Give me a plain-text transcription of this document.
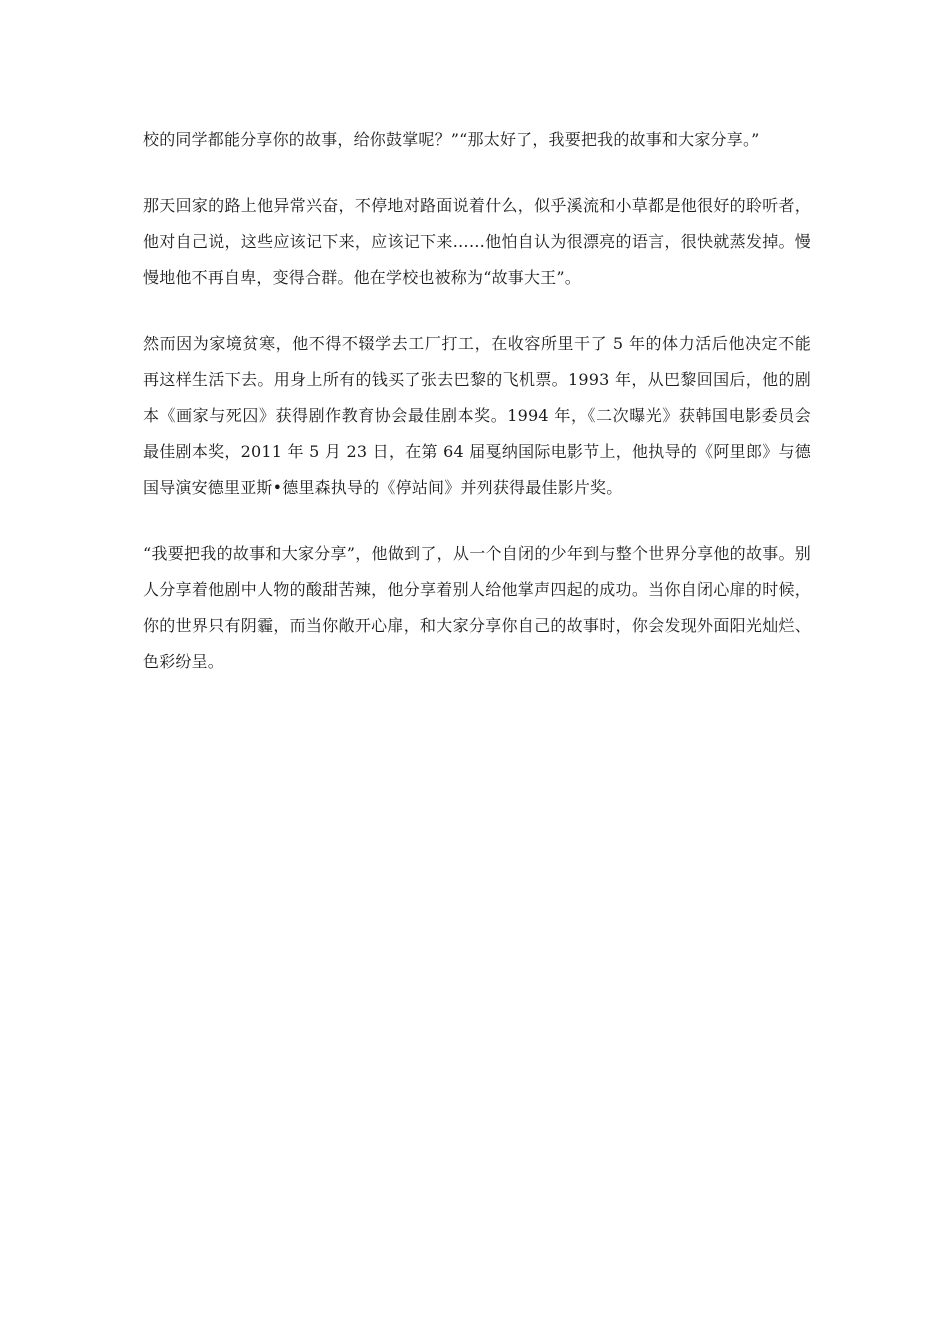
校的同学都能分享你的故事，给你鼓掌呢？”“那太好了，我要把我的故事和大家分享。”

那天回家的路上他异常兴奋，不停地对路面说着什么，似乎溪流和小草都是他很好的聆听者，他对自己说，这些应该记下来，应该记下来……他怕自认为很漂亮的语言，很快就蒸发掉。慢慢地他不再自卑，变得合群。他在学校也被称为“故事大王”。

然而因为家境贫寒，他不得不辍学去工厂打工，在收容所里干了 5 年的体力活后他决定不能再这样生活下去。用身上所有的钱买了张去巴黎的飞机票。1993 年，从巴黎回国后，他的剧本《画家与死囚》获得剧作教育协会最佳剧本奖。1994 年，《二次曝光》获韩国电影委员会最佳剧本奖，2011 年 5 月 23 日，在第 64 届戛纳国际电影节上，他执导的《阿里郎》与德国导演安德里亚斯•德里森执导的《停站间》并列获得最佳影片奖。

“我要把我的故事和大家分享”，他做到了，从一个自闭的少年到与整个世界分享他的故事。别人分享着他剧中人物的酸甜苦辣，他分享着别人给他掌声四起的成功。当你自闭心扉的时候，你的世界只有阴霾，而当你敞开心扉，和大家分享你自己的故事时，你会发现外面阳光灿烂、色彩纷呈。
